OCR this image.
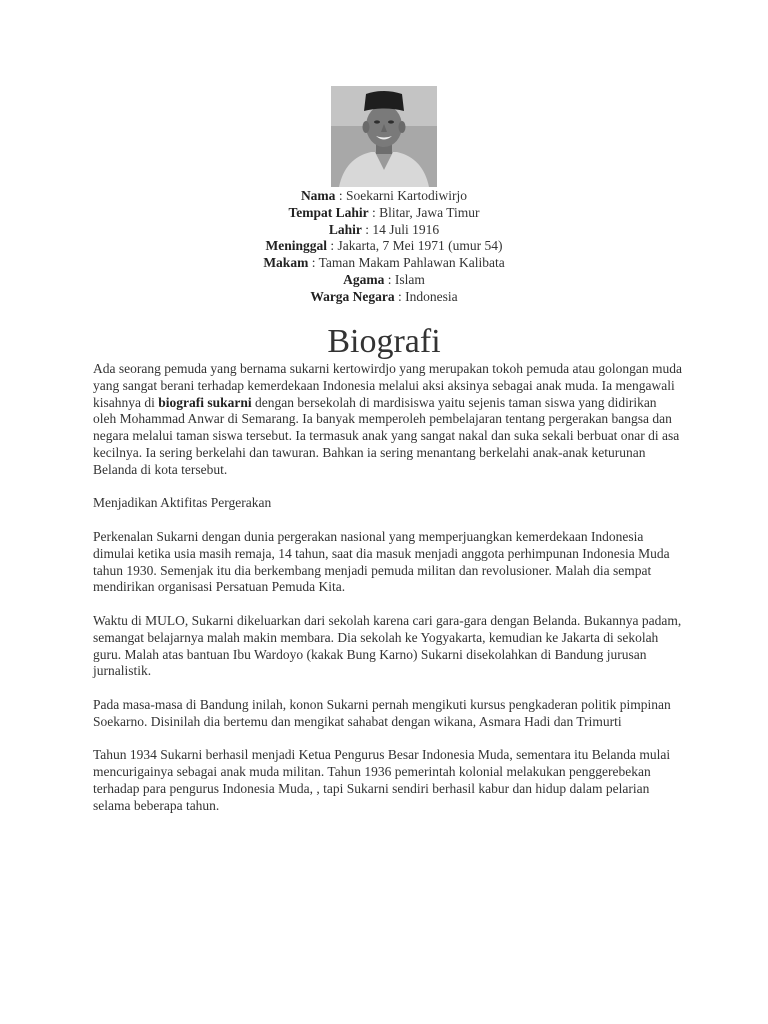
Nama : Soekarni Kartodiwirjo
Tempat Lahir : Blitar, Jawa Timur
Lahir : 14 Juli 1916
Meninggal : Jakarta, 7 Mei 1971 (umur 54)
Makam : Taman Makam Pahlawan Kalibata
Agama : Islam
Warga Negara : Indonesia
Biografi

Ada seorang pemuda yang bernama sukarni kertowirdjo yang merupakan tokoh pemuda atau golongan muda yang sangat berani terhadap kemerdekaan Indonesia melalui aksi aksinya sebagai anak muda. Ia mengawali kisahnya di biografi sukarni dengan bersekolah di mardisiswa yaitu sejenis taman siswa yang didirikan oleh Mohammad Anwar di Semarang. Ia banyak memperoleh pembelajaran tentang pergerakan bangsa dan negara melalui taman siswa tersebut. Ia termasuk anak yang sangat nakal dan suka sekali berbuat onar di asa kecilnya. Ia sering berkelahi dan tawuran. Bahkan ia sering menantang berkelahi anak-anak keturunan Belanda di kota tersebut.

Menjadikan Aktifitas Pergerakan

Perkenalan Sukarni dengan dunia pergerakan nasional yang memperjuangkan kemerdekaan Indonesia dimulai ketika usia masih remaja, 14 tahun, saat dia masuk menjadi anggota perhimpunan Indonesia Muda tahun 1930. Semenjak itu dia berkembang menjadi pemuda militan dan revolusioner. Malah dia sempat mendirikan organisasi Persatuan Pemuda Kita.

Waktu di MULO, Sukarni dikeluarkan dari sekolah karena cari gara-gara dengan Belanda. Bukannya padam, semangat belajarnya malah makin membara. Dia sekolah ke Yogyakarta, kemudian ke Jakarta di sekolah guru. Malah atas bantuan Ibu Wardoyo (kakak Bung Karno) Sukarni disekolahkan di Bandung jurusan jurnalistik.

Pada masa-masa di Bandung inilah, konon Sukarni pernah mengikuti kursus pengkaderan politik pimpinan Soekarno. Disinilah dia bertemu dan mengikat sahabat dengan wikana, Asmara Hadi dan Trimurti

Tahun 1934 Sukarni berhasil menjadi Ketua Pengurus Besar Indonesia Muda, sementara itu Belanda mulai mencurigainya sebagai anak muda militan. Tahun 1936 pemerintah kolonial melakukan penggerebekan terhadap para pengurus Indonesia Muda, , tapi Sukarni sendiri berhasil kabur dan hidup dalam pelarian selama beberapa tahun.
